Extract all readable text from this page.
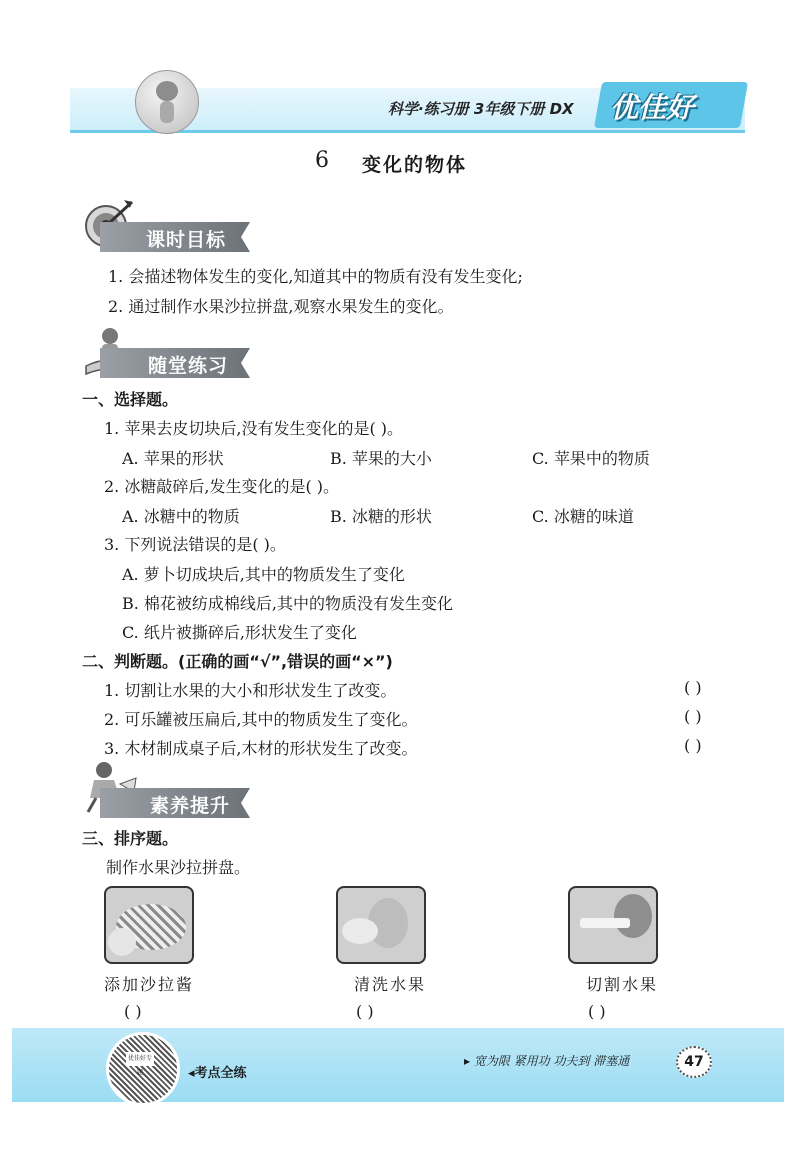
科学·练习册 3年级下册 DX 优佳好
6 变化的物体
课时目标
1. 会描述物体发生的变化,知道其中的物质有没有发生变化;
2. 通过制作水果沙拉拼盘,观察水果发生的变化。
随堂练习
一、选择题。
1. 苹果去皮切块后,没有发生变化的是( )。
A. 苹果的形状	B. 苹果的大小	C. 苹果中的物质
2. 冰糖敲碎后,发生变化的是( )。
A. 冰糖中的物质	B. 冰糖的形状	C. 冰糖的味道
3. 下列说法错误的是( )。
A. 萝卜切成块后,其中的物质发生了变化
B. 棉花被纺成棉线后,其中的物质没有发生变化
C. 纸片被撕碎后,形状发生了变化
二、判断题。(正确的画“√”,错误的画“×”)
1. 切割让水果的大小和形状发生了改变。	( )
2. 可乐罐被压扁后,其中的物质发生了变化。	( )
3. 木材制成桌子后,木材的形状发生了改变。	( )
素养提升
三、排序题。
制作水果沙拉拼盘。
添加沙拉酱	清洗水果	切割水果
( )	( )	( )
优佳好专题	◂考点全练
▸ 宽为限 紧用功 功夫到 滞塞通	47
